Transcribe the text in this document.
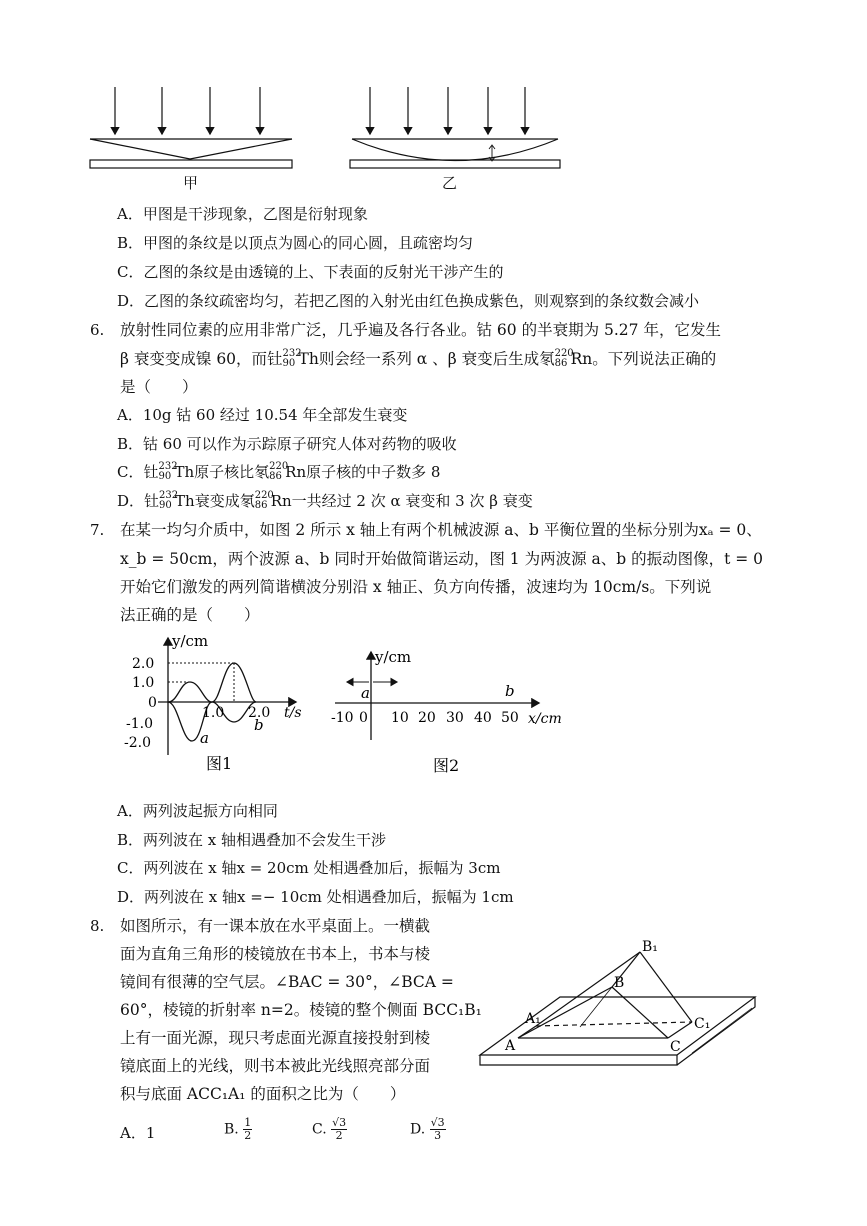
甲	乙
A．甲图是干涉现象，乙图是衍射现象
B．甲图的条纹是以顶点为圆心的同心圆，且疏密均匀
C．乙图的条纹是由透镜的上、下表面的反射光干涉产生的
D．乙图的条纹疏密均匀，若把乙图的入射光由红色换成紫色，则观察到的条纹数会减小
6. 放射性同位素的应用非常广泛，几乎遍及各行各业。钴 60 的半衰期为 5.27 年，它发生
β 衰变变成镍 60，而钍 232
90 Th则会经一系列 α 、β 衰变后生成氡 220
86 Rn。下列说法正确的
是（　　）
A．10g 钴 60 经过 10.54 年全部发生衰变
B．钴 60 可以作为示踪原子研究人体对药物的吸收
C．钍 232
90 Th原子核比氡 220
86 Rn原子核的中子数多 8
D．钍 232
90 Th衰变成氡 220
86 Rn一共经过 2 次 α 衰变和 3 次 β 衰变
7. 在某一均匀介质中，如图 2 所示 x 轴上有两个机械波源 a、b 平衡位置的坐标分别为xₐ = 0、
x_b = 50cm，两个波源 a、b 同时开始做简谐运动，图 1 为两波源 a、b 的振动图像，t = 0
开始它们激发的两列简谐横波分别沿 x 轴正、负方向传播，波速均为 10cm/s。下列说
法正确的是（　　）
y/cm
2.0
1.0
0
-1.0
-2.0
1.0 2.0 t/s
a
b
图1
y/cm
a	b
-10 0 10 20 30 40 50 x/cm
图2
A．两列波起振方向相同
B．两列波在 x 轴相遇叠加不会发生干涉
C．两列波在 x 轴x = 20cm 处相遇叠加后，振幅为 3cm
D．两列波在 x 轴x =− 10cm 处相遇叠加后，振幅为 1cm
8. 如图所示，有一课本放在水平桌面上。一横截
面为直角三角形的棱镜放在书本上，书本与棱
镜间有很薄的空气层。∠BAC = 30°，∠BCA =
60°，棱镜的折射率 n=2。棱镜的整个侧面 BCC₁B₁
上有一面光源，现只考虑面光源直接投射到棱
镜底面上的光线，则书本被此光线照亮部分面
积与底面 ACC₁A₁ 的面积之比为（　　）
B₁
B
A₁	C₁
A	C
A．1	B. $\frac{1}{2}$	C. $\frac{√3}{2}$	D. $\frac{√3}{3}$
